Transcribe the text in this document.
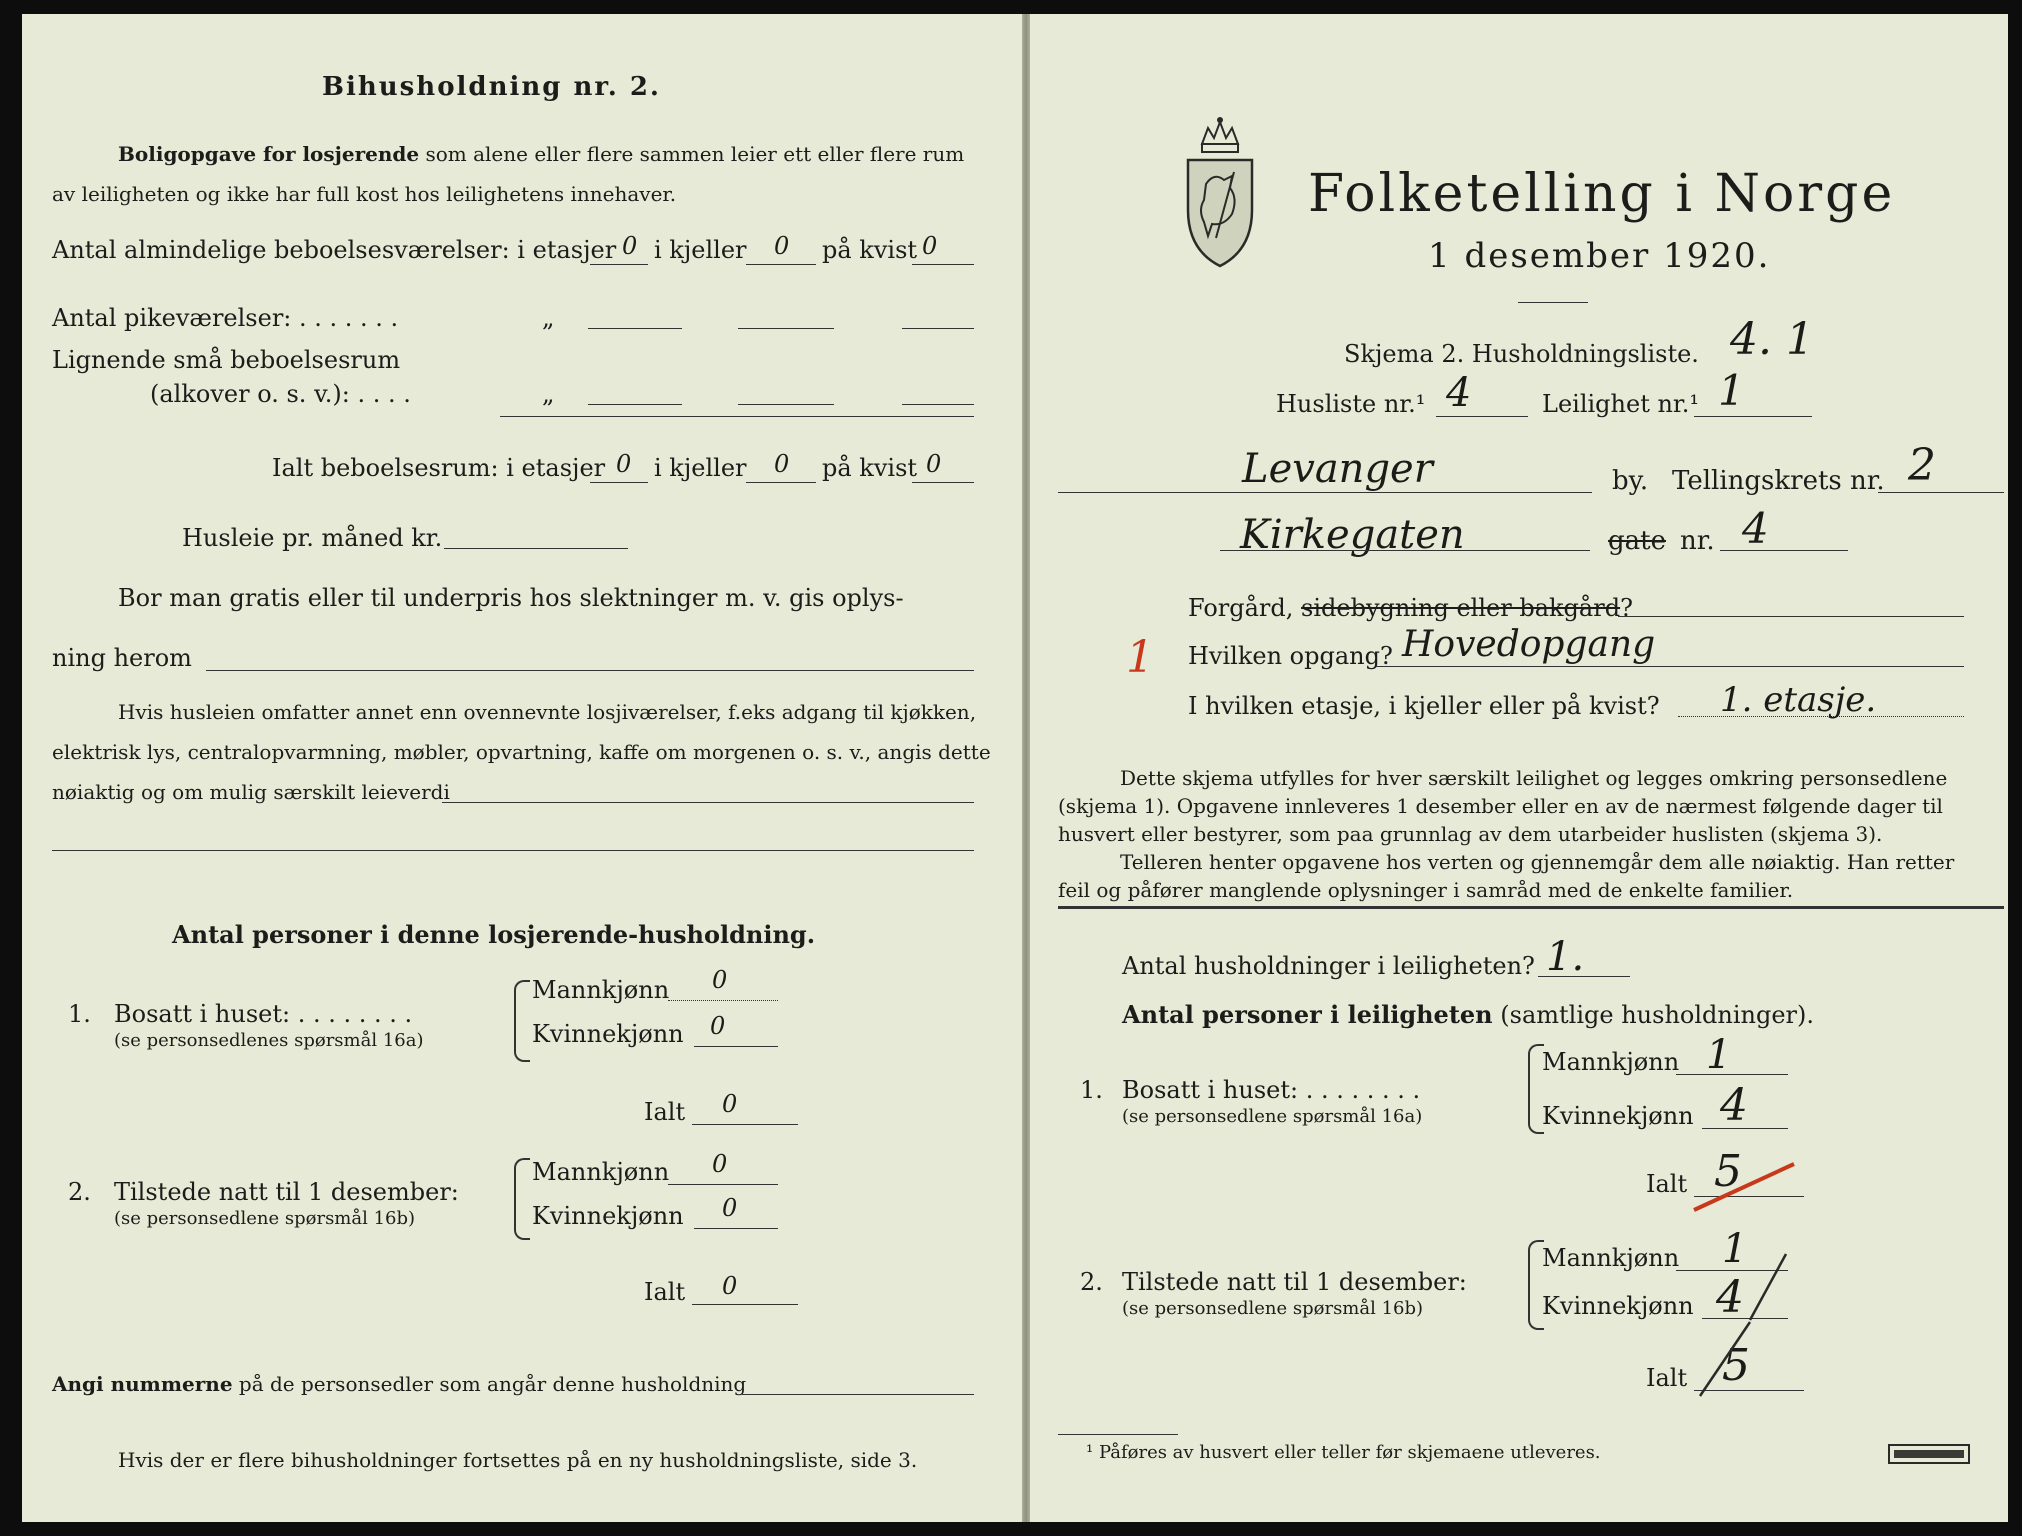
Bihusholdning nr. 2.
Boligopgave for losjerende som alene eller flere sammen leier ett eller flere rum
av leiligheten og ikke har full kost hos leilighetens innehaver.
Antal almindelige beboelsesværelser: i etasjer 0 i kjeller 0 på kvist 0
Antal pikeværelser: . . . . . . .	„
Lignende små beboelsesrum
(alkover o. s. v.): . . . .	„
Ialt beboelsesrum: i etasjer 0 i kjeller 0 på kvist 0
Husleie pr. måned kr.
Bor man gratis eller til underpris hos slektninger m. v. gis oplys-
ning herom
Hvis husleien omfatter annet enn ovennevnte losjiværelser, f.eks adgang til kjøkken,
elektrisk lys, centralopvarmning, møbler, opvartning, kaffe om morgenen o. s. v., angis dette
nøiaktig og om mulig særskilt leieverdi
Antal personer i denne losjerende-husholdning.
1. Bosatt i huset: . . . . . . . .
(se personsedlenes spørsmål 16a)
Mannkjønn 0
Kvinnekjønn 0
Ialt 0
2. Tilstede natt til 1 desember:
(se personsedlene spørsmål 16b)
Mannkjønn 0
Kvinnekjønn 0
Ialt 0
Angi nummerne på de personsedler som angår denne husholdning
Hvis der er flere bihusholdninger fortsettes på en ny husholdningsliste, side 3.
Folketelling i Norge
1 desember 1920.
Skjema 2. Husholdningsliste. 4. 1
Husliste nr.¹ 4	Leilighet nr.¹ 1
Levanger	by. Tellingskrets nr. 2
Kirkegaten	gate nr. 4
Forgård, sidebygning eller bakgård?
1 Hvilken opgang? Hovedopgang
I hvilken etasje, i kjeller eller på kvist? 1. etasje.
Dette skjema utfylles for hver særskilt leilighet og legges omkring personsedlene
(skjema 1). Opgavene innleveres 1 desember eller en av de nærmest følgende dager til
husvert eller bestyrer, som paa grunnlag av dem utarbeider huslisten (skjema 3).
Telleren henter opgavene hos verten og gjennemgår dem alle nøiaktig. Han retter
feil og påfører manglende oplysninger i samråd med de enkelte familier.
Antal husholdninger i leiligheten? 1.
Antal personer i leiligheten (samtlige husholdninger).
1. Bosatt i huset: . . . . . . . .
(se personsedlene spørsmål 16a)
Mannkjønn 1
Kvinnekjønn 4
Ialt 5
2. Tilstede natt til 1 desember:
(se personsedlene spørsmål 16b)
Mannkjønn 1
Kvinnekjønn 4
Ialt 5
¹ Påføres av husvert eller teller før skjemaene utleveres.
